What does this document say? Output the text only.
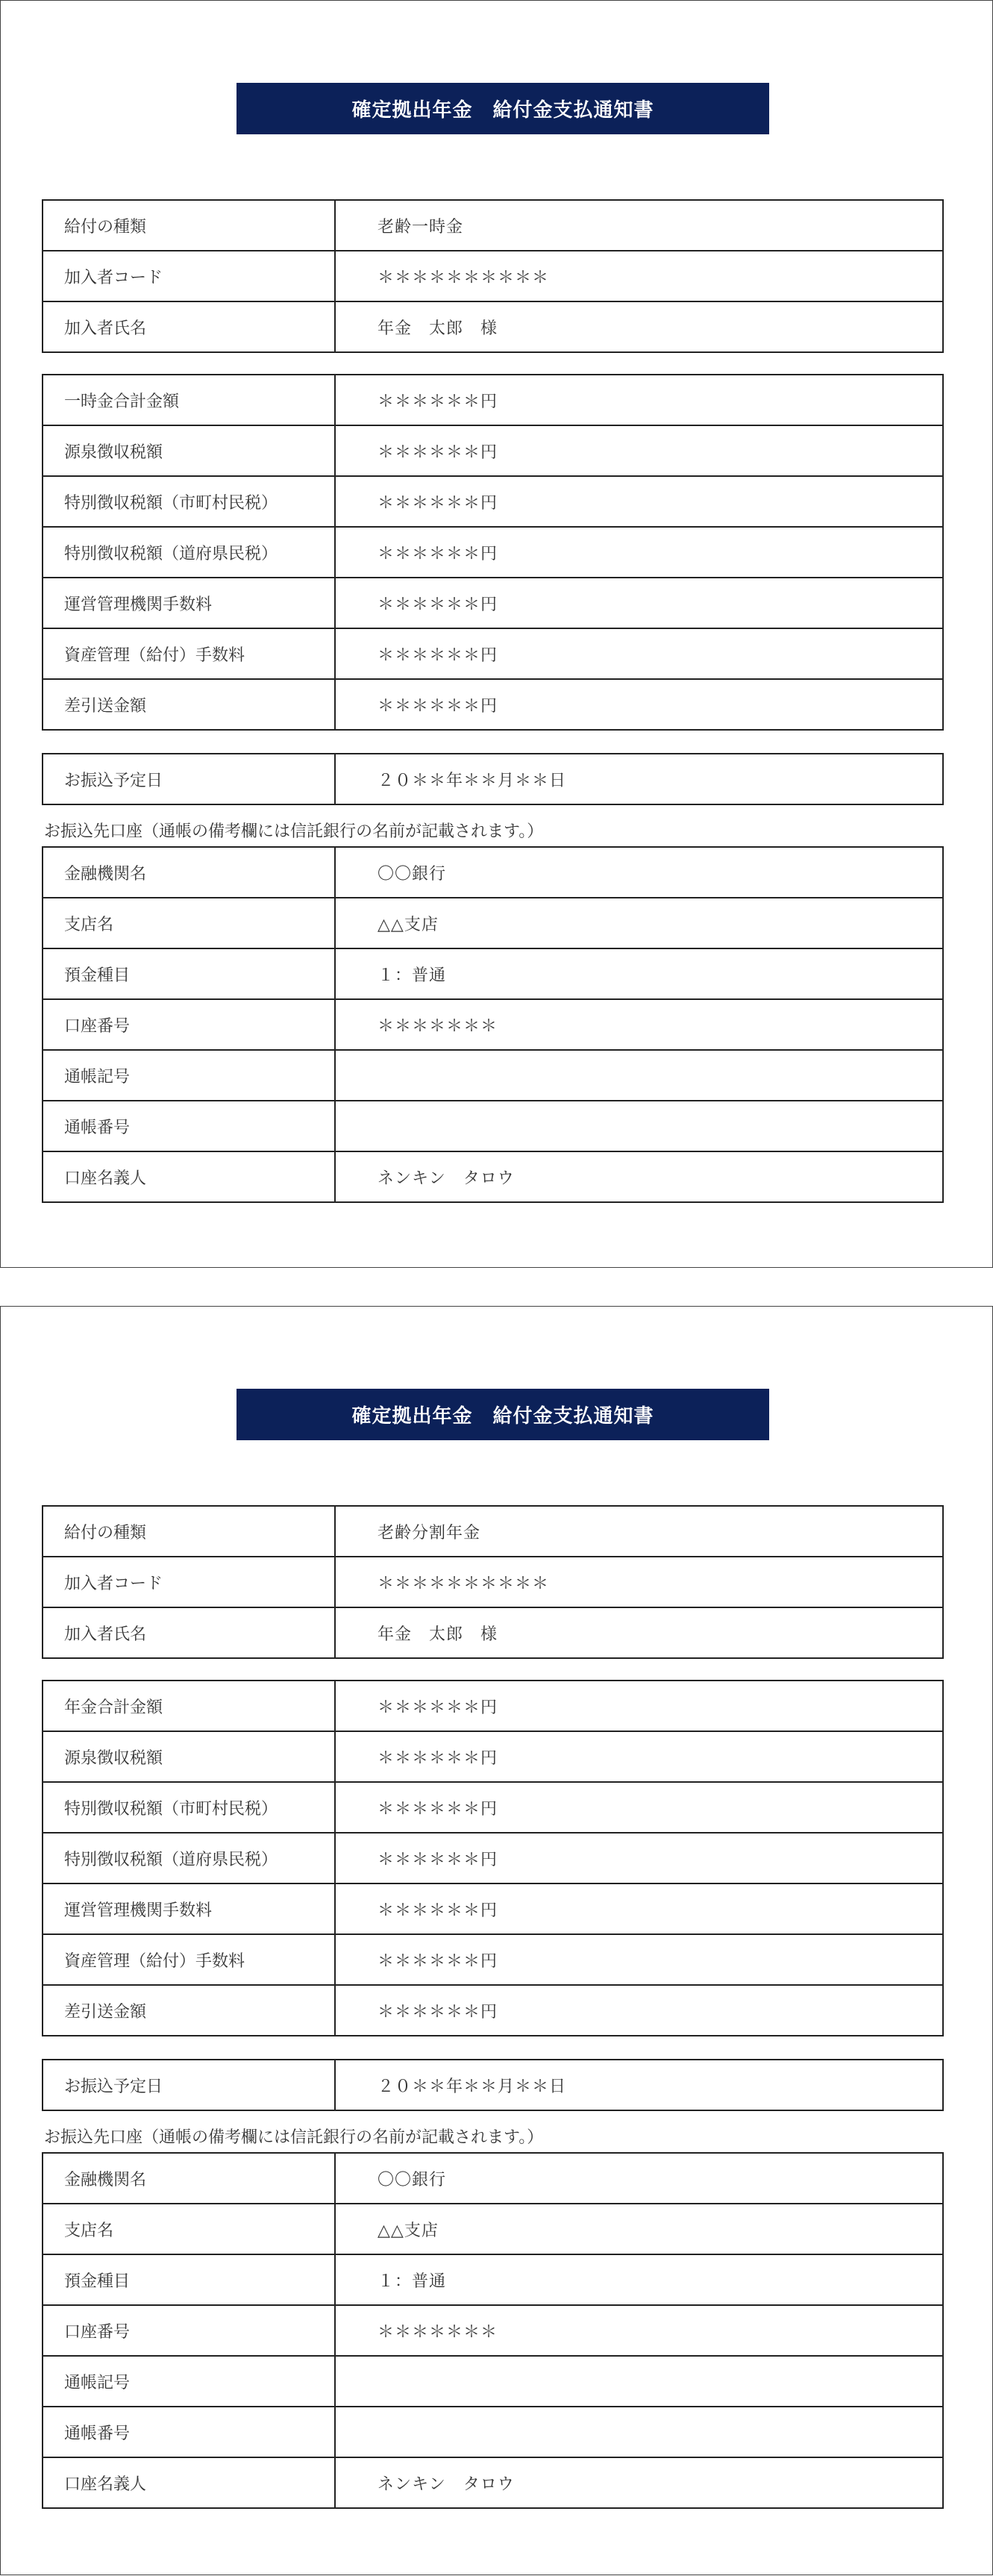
確定拠出年金　給付金支払通知書
給付の種類	老齢一時金
加入者コード	＊＊＊＊＊＊＊＊＊＊
加入者氏名	年金　太郎　様
一時金合計金額	＊＊＊＊＊＊円
源泉徴収税額	＊＊＊＊＊＊円
特別徴収税額（市町村民税）	＊＊＊＊＊＊円
特別徴収税額（道府県民税）	＊＊＊＊＊＊円
運営管理機関手数料	＊＊＊＊＊＊円
資産管理（給付）手数料	＊＊＊＊＊＊円
差引送金額	＊＊＊＊＊＊円
お振込予定日	２０＊＊年＊＊月＊＊日
お振込先口座（通帳の備考欄には信託銀行の名前が記載されます。）
金融機関名	〇〇銀行
支店名	△△支店
預金種目	１：普通
口座番号	＊＊＊＊＊＊＊
通帳記号
通帳番号
口座名義人	ネンキン　タロウ
確定拠出年金　給付金支払通知書
給付の種類	老齢分割年金
加入者コード	＊＊＊＊＊＊＊＊＊＊
加入者氏名	年金　太郎　様
年金合計金額	＊＊＊＊＊＊円
源泉徴収税額	＊＊＊＊＊＊円
特別徴収税額（市町村民税）	＊＊＊＊＊＊円
特別徴収税額（道府県民税）	＊＊＊＊＊＊円
運営管理機関手数料	＊＊＊＊＊＊円
資産管理（給付）手数料	＊＊＊＊＊＊円
差引送金額	＊＊＊＊＊＊円
お振込予定日	２０＊＊年＊＊月＊＊日
お振込先口座（通帳の備考欄には信託銀行の名前が記載されます。）
金融機関名	〇〇銀行
支店名	△△支店
預金種目	１：普通
口座番号	＊＊＊＊＊＊＊
通帳記号
通帳番号
口座名義人	ネンキン　タロウ
